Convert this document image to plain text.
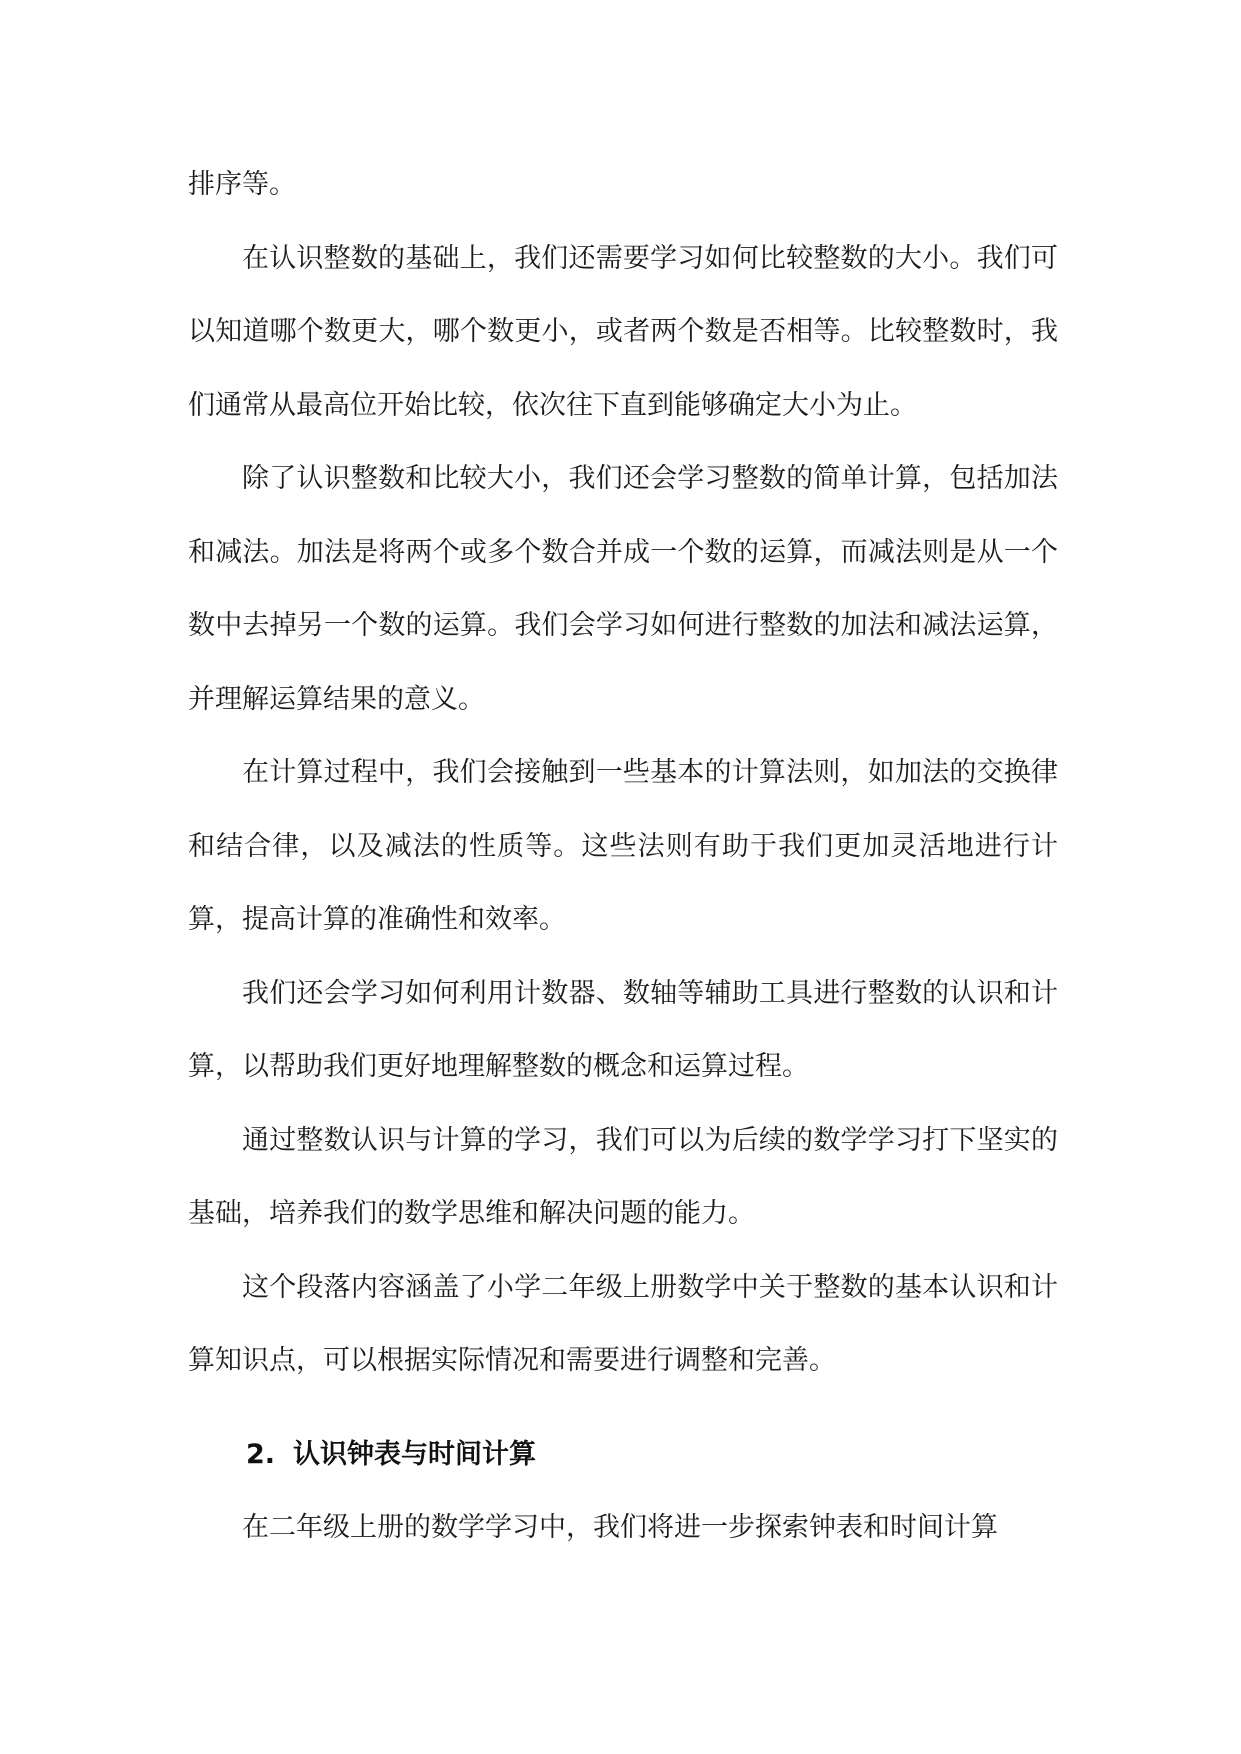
排序等。

在认识整数的基础上，我们还需要学习如何比较整数的大小。我们可以知道哪个数更大，哪个数更小，或者两个数是否相等。比较整数时，我们通常从最高位开始比较，依次往下直到能够确定大小为止。

除了认识整数和比较大小，我们还会学习整数的简单计算，包括加法和减法。加法是将两个或多个数合并成一个数的运算，而减法则是从一个数中去掉另一个数的运算。我们会学习如何进行整数的加法和减法运算，并理解运算结果的意义。

在计算过程中，我们会接触到一些基本的计算法则，如加法的交换律和结合律，以及减法的性质等。这些法则有助于我们更加灵活地进行计算，提高计算的准确性和效率。

我们还会学习如何利用计数器、数轴等辅助工具进行整数的认识和计算，以帮助我们更好地理解整数的概念和运算过程。

通过整数认识与计算的学习，我们可以为后续的数学学习打下坚实的基础，培养我们的数学思维和解决问题的能力。

这个段落内容涵盖了小学二年级上册数学中关于整数的基本认识和计算知识点，可以根据实际情况和需要进行调整和完善。

2. 认识钟表与时间计算

在二年级上册的数学学习中，我们将进一步探索钟表和时间计算
